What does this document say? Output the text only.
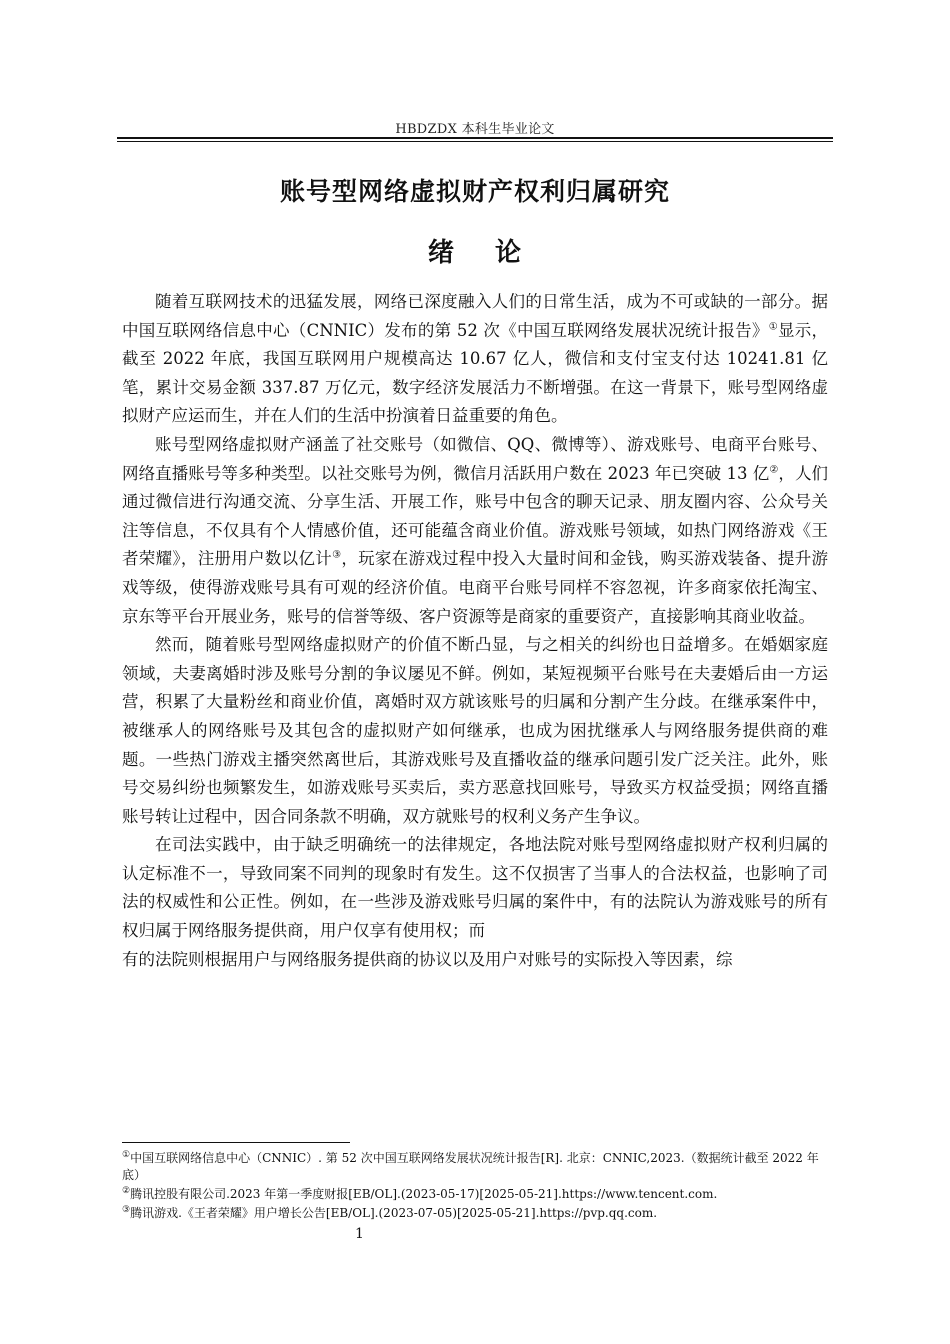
HBDZDX 本科生毕业论文
账号型网络虚拟财产权利归属研究
绪 论

随着互联网技术的迅猛发展，网络已深度融入人们的日常生活，成为不可或缺的一部分。据中国互联网络信息中心（CNNIC）发布的第 52 次《中国互联网络发展状况统计报告》①显示，截至 2022 年底，我国互联网用户规模高达 10.67 亿人，微信和支付宝支付达 10241.81 亿笔，累计交易金额 337.87 万亿元，数字经济发展活力不断增强。在这一背景下，账号型网络虚拟财产应运而生，并在人们的生活中扮演着日益重要的角色。

账号型网络虚拟财产涵盖了社交账号（如微信、QQ、微博等）、游戏账号、电商平台账号、网络直播账号等多种类型。以社交账号为例，微信月活跃用户数在 2023 年已突破 13 亿②，人们通过微信进行沟通交流、分享生活、开展工作，账号中包含的聊天记录、朋友圈内容、公众号关注等信息，不仅具有个人情感价值，还可能蕴含商业价值。游戏账号领域，如热门网络游戏《王者荣耀》，注册用户数以亿计③，玩家在游戏过程中投入大量时间和金钱，购买游戏装备、提升游戏等级，使得游戏账号具有可观的经济价值。电商平台账号同样不容忽视，许多商家依托淘宝、京东等平台开展业务，账号的信誉等级、客户资源等是商家的重要资产，直接影响其商业收益。

然而，随着账号型网络虚拟财产的价值不断凸显，与之相关的纠纷也日益增多。在婚姻家庭领域，夫妻离婚时涉及账号分割的争议屡见不鲜。例如，某短视频平台账号在夫妻婚后由一方运营，积累了大量粉丝和商业价值，离婚时双方就该账号的归属和分割产生分歧。在继承案件中，被继承人的网络账号及其包含的虚拟财产如何继承，也成为困扰继承人与网络服务提供商的难题。一些热门游戏主播突然离世后，其游戏账号及直播收益的继承问题引发广泛关注。此外，账号交易纠纷也频繁发生，如游戏账号买卖后，卖方恶意找回账号，导致买方权益受损；网络直播账号转让过程中，因合同条款不明确，双方就账号的权利义务产生争议。

在司法实践中，由于缺乏明确统一的法律规定，各地法院对账号型网络虚拟财产权利归属的认定标准不一，导致同案不同判的现象时有发生。这不仅损害了当事人的合法权益，也影响了司法的权威性和公正性。例如，在一些涉及游戏账号归属的案件中，有的法院认为游戏账号的所有权归属于网络服务提供商，用户仅享有使用权；而

有的法院则根据用户与网络服务提供商的协议以及用户对账号的实际投入等因素，综

①中国互联网络信息中心（CNNIC）. 第 52 次中国互联网络发展状况统计报告[R]. 北京：CNNIC,2023.（数据统计截至 2022 年底）

②腾讯控股有限公司.2023 年第一季度财报[EB/OL].(2023-05-17)[2025-05-21].https://www.tencent.com.

③腾讯游戏.《王者荣耀》用户增长公告[EB/OL].(2023-07-05)[2025-05-21].https://pvp.qq.com.

1
